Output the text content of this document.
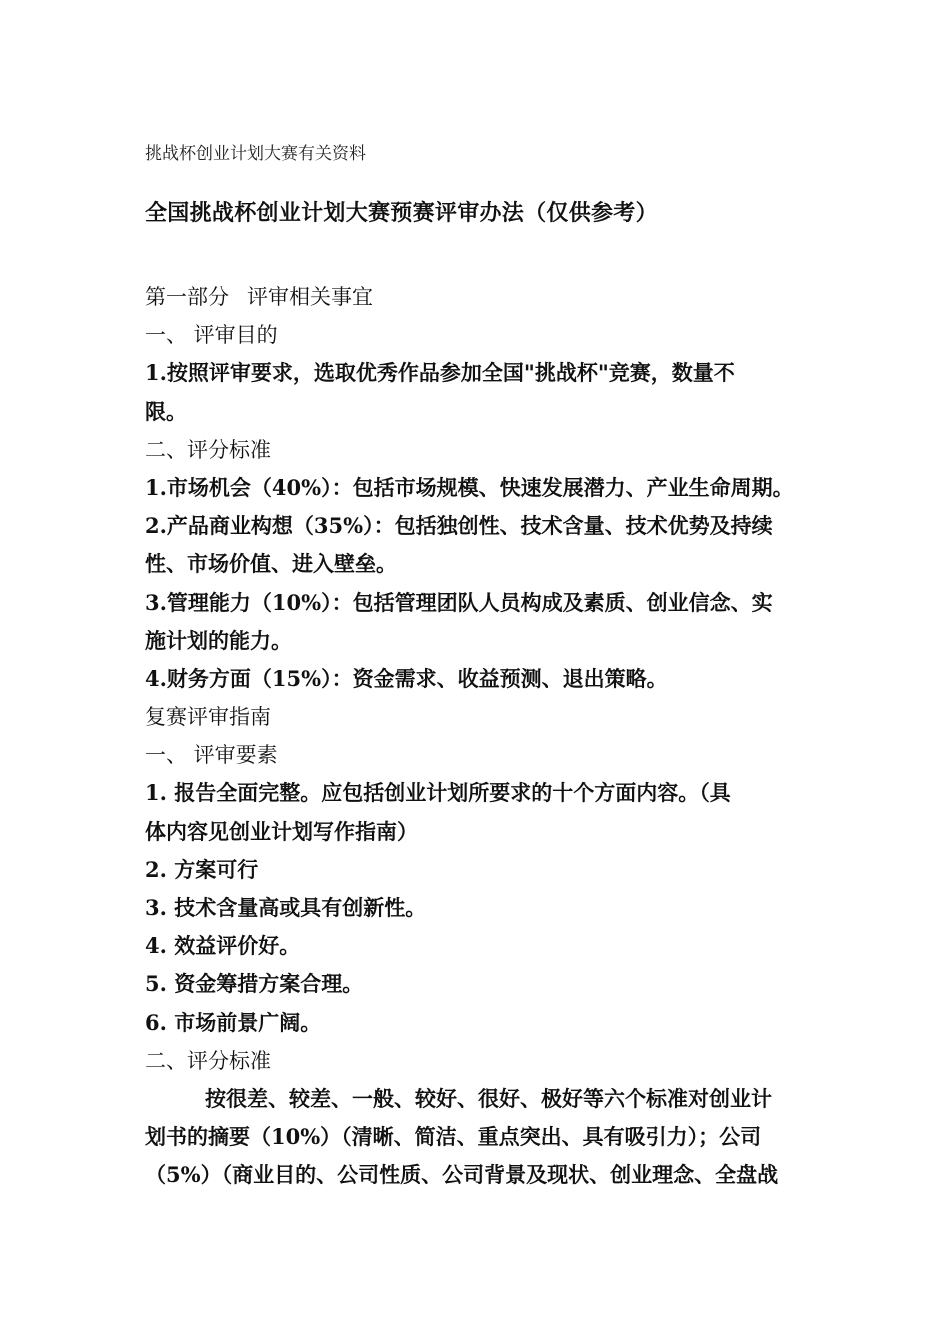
挑战杯创业计划大赛有关资料
全国挑战杯创业计划大赛预赛评审办法（仅供参考）
第一部分 评审相关事宜
一、 评审目的
1.按照评审要求，选取优秀作品参加全国"挑战杯"竞赛，数量不
限。
二、评分标准
1.市场机会（40%）：包括市场规模、快速发展潜力、产业生命周期。
2.产品商业构想（35%）：包括独创性、技术含量、技术优势及持续
性、市场价值、进入壁垒。
3.管理能力（10%）：包括管理团队人员构成及素质、创业信念、实
施计划的能力。
4.财务方面（15%）：资金需求、收益预测、退出策略。
复赛评审指南
一、 评审要素
1. 报告全面完整。应包括创业计划所要求的十个方面内容。（具
体内容见创业计划写作指南）
2. 方案可行
3. 技术含量高或具有创新性。
4. 效益评价好。
5. 资金筹措方案合理。
6. 市场前景广阔。
二、评分标准
按很差、较差、一般、较好、很好、极好等六个标准对创业计
划书的摘要（10%）（清晰、简洁、重点突出、具有吸引力）；公司
（5%）（商业目的、公司性质、公司背景及现状、创业理念、全盘战
